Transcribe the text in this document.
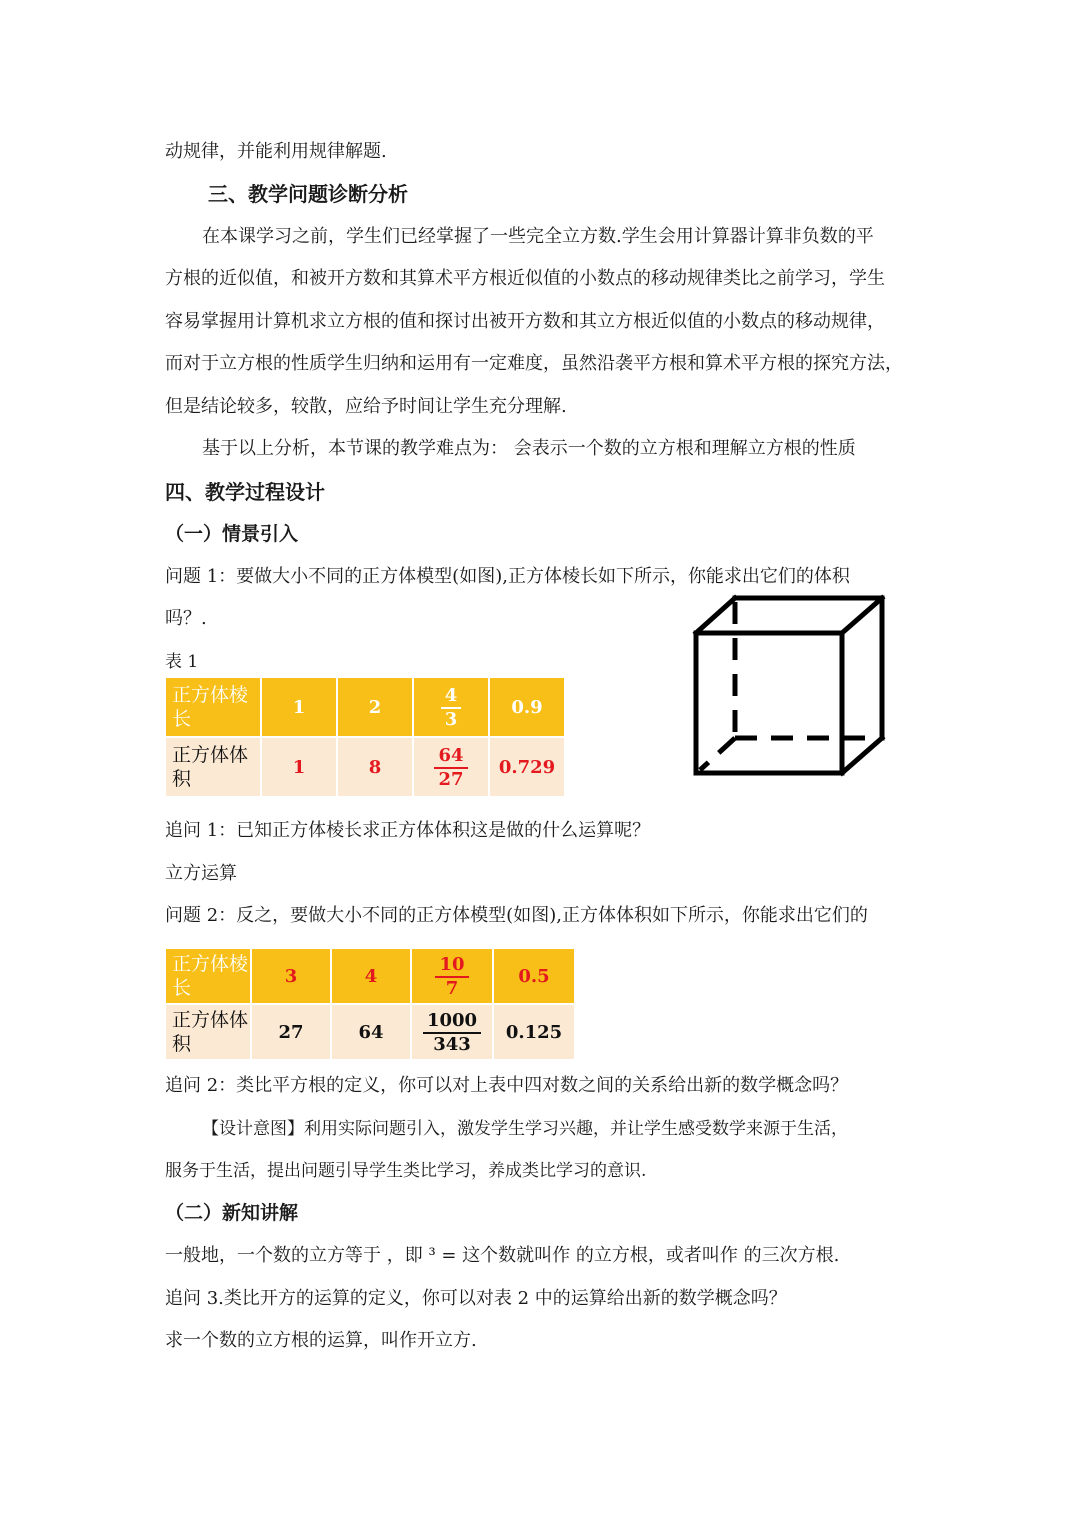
动规律，并能利用规律解题.
三、教学问题诊断分析
在本课学习之前，学生们已经掌握了一些完全立方数.学生会用计算器计算非负数的平
方根的近似值，和被开方数和其算术平方根近似值的小数点的移动规律类比之前学习，学生
容易掌握用计算机求立方根的值和探讨出被开方数和其立方根近似值的小数点的移动规律，
而对于立方根的性质学生归纳和运用有一定难度，虽然沿袭平方根和算术平方根的探究方法，
但是结论较多，较散，应给予时间让学生充分理解.
基于以上分析，本节课的教学难点为： 会表示一个数的立方根和理解立方根的性质
四、教学过程设计
（一）情景引入
问题 1：要做大小不同的正方体模型(如图),正方体棱长如下所示，你能求出它们的体积
吗？.
表 1
正方体棱长	1	2	$\frac{4}{3}$	0.9
正方体体积	1	8	$\frac{64}{27}$	0.729
追问 1：已知正方体棱长求正方体体积这是做的什么运算呢？
立方运算
问题 2：反之，要做大小不同的正方体模型(如图),正方体体积如下所示，你能求出它们的
正方体棱长	3	4	$\frac{10}{7}$	0.5
正方体体积	27	64	$\frac{1000}{343}$	0.125
追问 2：类比平方根的定义，你可以对上表中四对数之间的关系给出新的数学概念吗？
【设计意图】利用实际问题引入，激发学生学习兴趣，并让学生感受数学来源于生活，
服务于生活，提出问题引导学生类比学习，养成类比学习的意识.
（二）新知讲解
一般地，一个数的立方等于 ，即 ³ = 这个数就叫作 的立方根，或者叫作 的三次方根.
追问 3.类比开方的运算的定义，你可以对表 2 中的运算给出新的数学概念吗？
求一个数的立方根的运算，叫作开立方.
